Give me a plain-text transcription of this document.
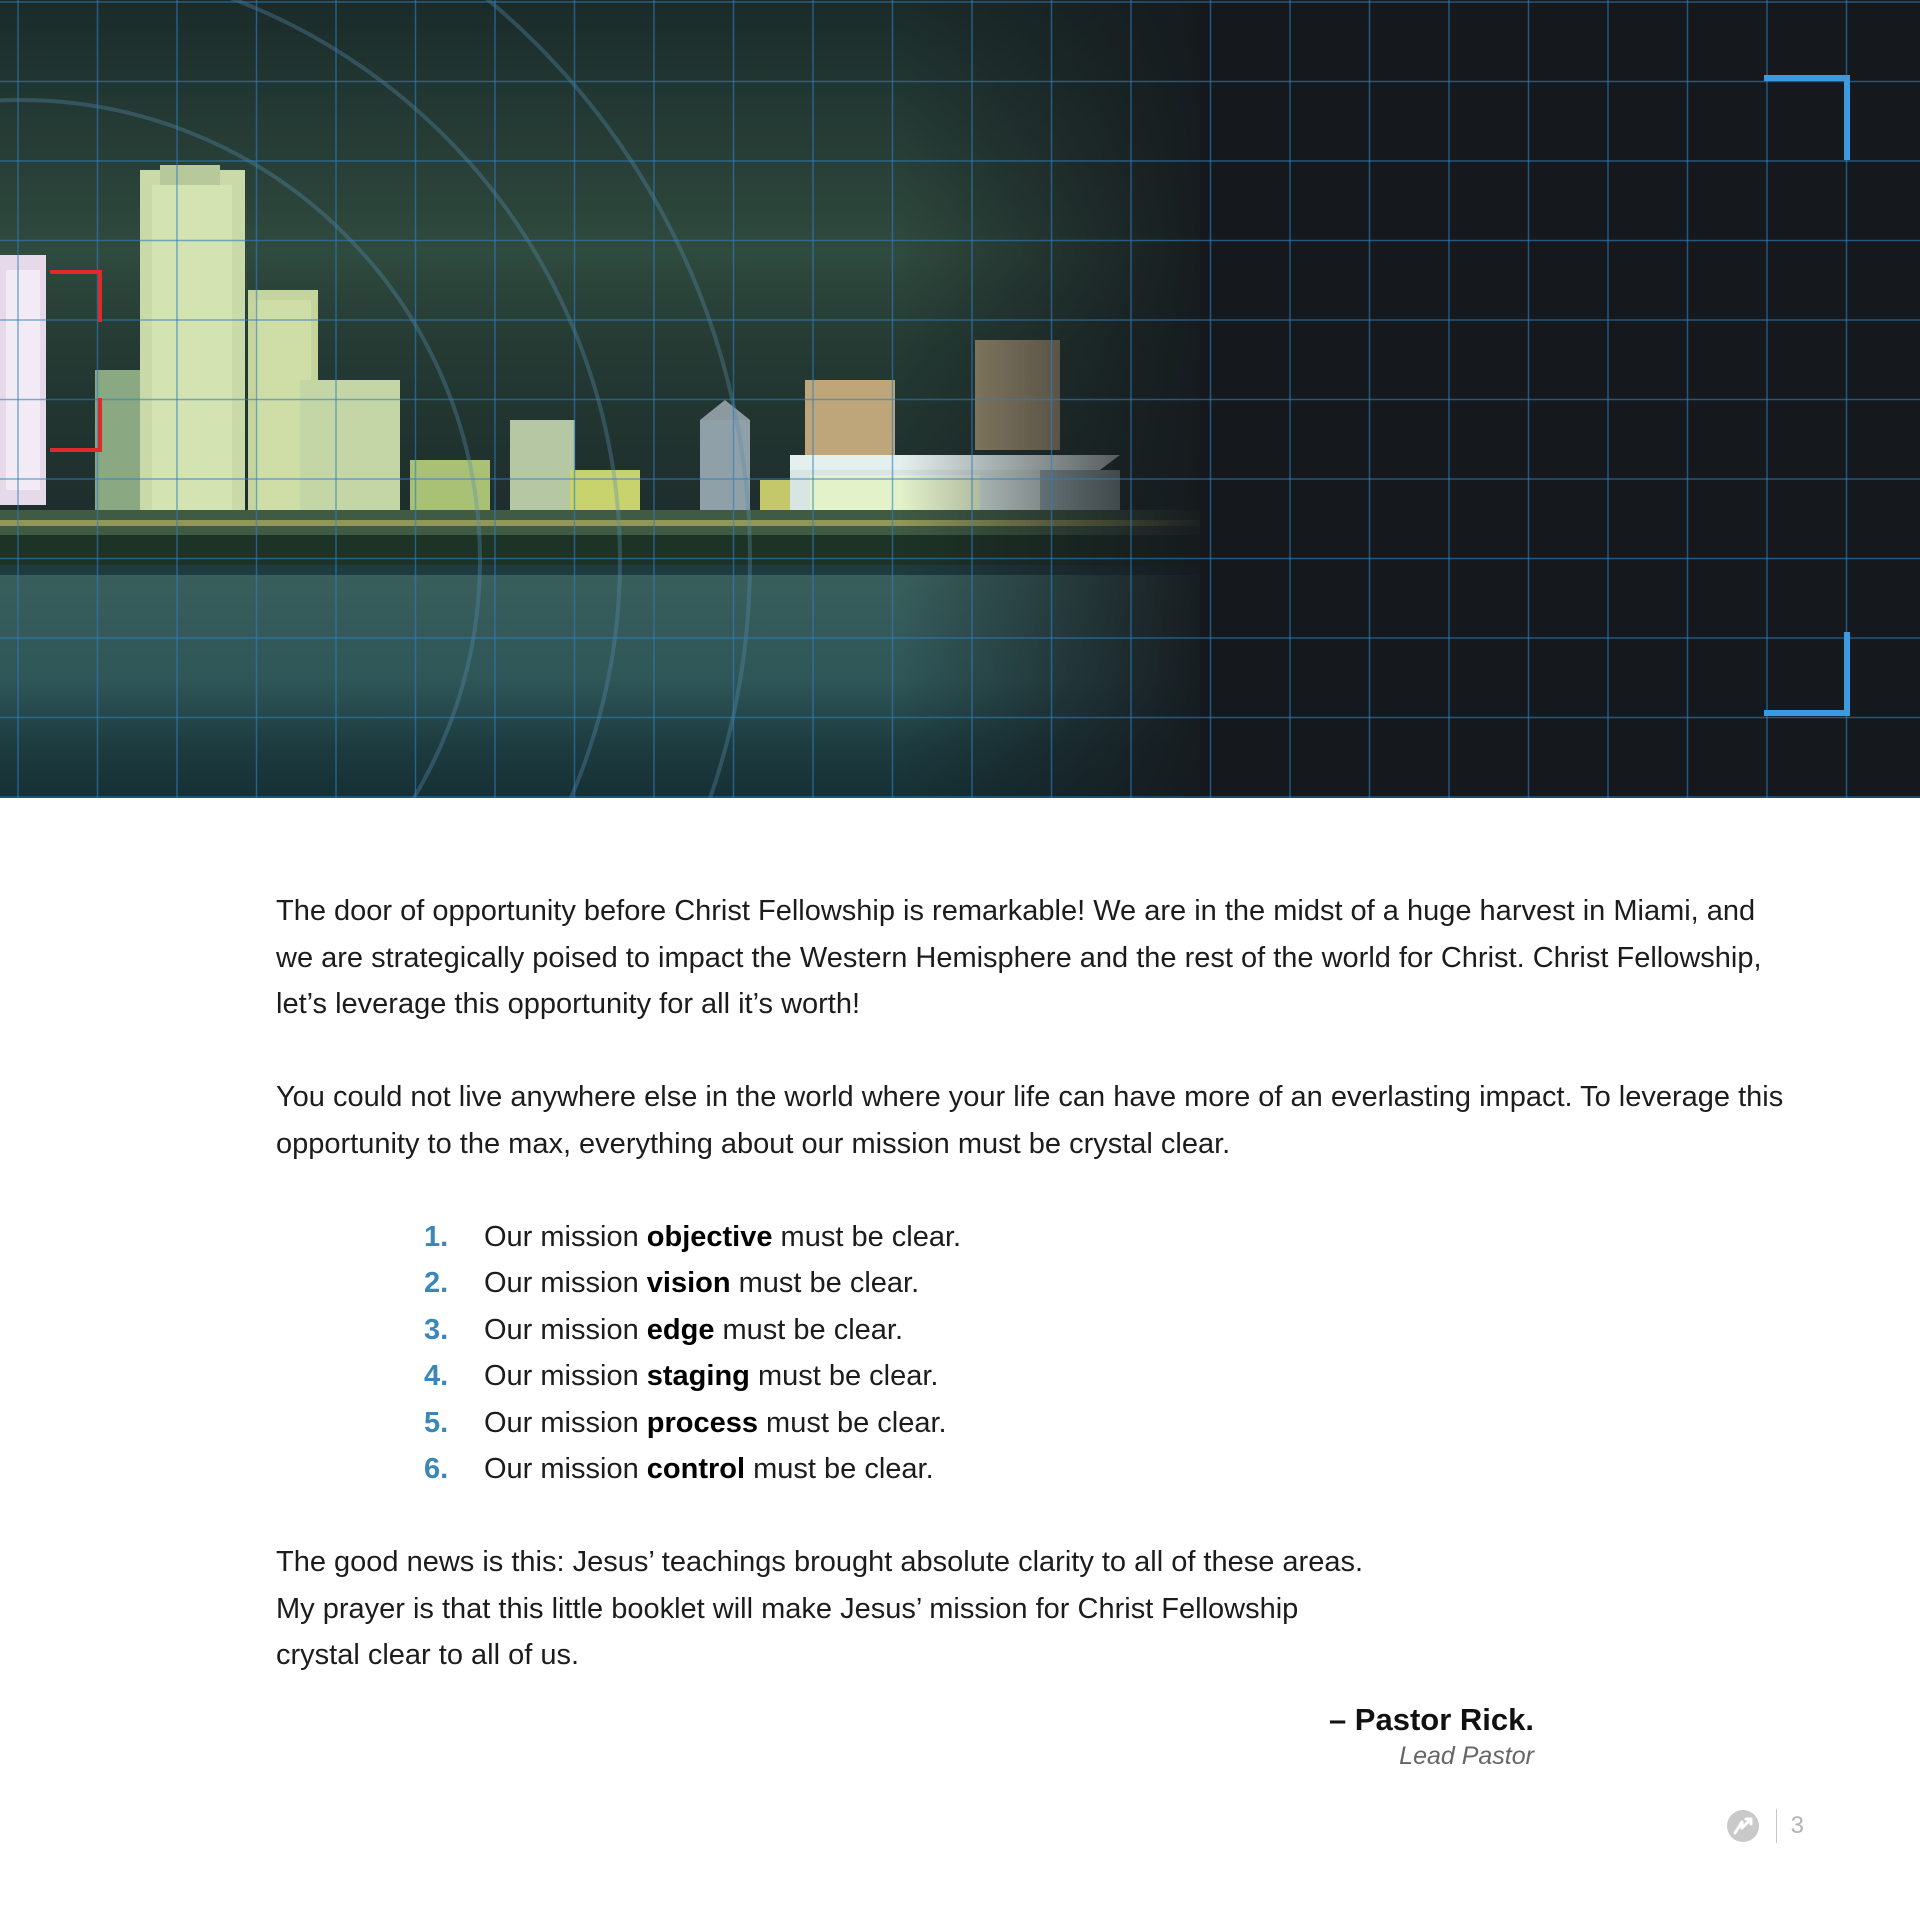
The door of opportunity before Christ Fellowship is remarkable! We are in the midst of a huge harvest in Miami, and we are strategically poised to impact the Western Hemisphere and the rest of the world for Christ. Christ Fellowship, let’s leverage this opportunity for all it’s worth!

You could not live anywhere else in the world where your life can have more of an everlasting impact. To leverage this opportunity to the max, everything about our mission must be crystal clear.

1. Our mission objective must be clear.
2. Our mission vision must be clear.
3. Our mission edge must be clear.
4. Our mission staging must be clear.
5. Our mission process must be clear.
6. Our mission control must be clear.

The good news is this: Jesus’ teachings brought absolute clarity to all of these areas.
My prayer is that this little booklet will make Jesus’ mission for Christ Fellowship
crystal clear to all of us.

– Pastor Rick.
Lead Pastor
3
